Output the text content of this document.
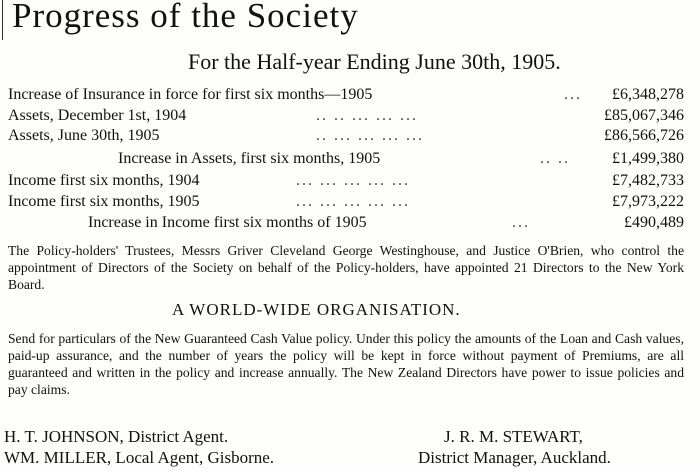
Progress of the Society
For the Half-year Ending June 30th, 1905.
Increase of Insurance in force for first six months—1905	... £6,348,278
Assets, December 1st, 1904	.. .. ... ... ...	£85,067,346
Assets, June 30th, 1905	.. ... ... ... ...	£86,566,726
Increase in Assets, first six months, 1905	.. ..	£1,499,380
Income first six months, 1904	... ... ... ... ...	£7,482,733
Income first six months, 1905	... ... ... ... ...	£7,973,222
Increase in Income first six months of 1905	...	£490,489
The Policy-holders' Trustees, Messrs Griver Cleveland George Westinghouse, and Justice O'Brien, who control the appointment of Directors of the Society on behalf of the Policy-holders, have appointed 21 Directors to the New York Board.
A WORLD-WIDE ORGANISATION.
Send for particulars of the New Guaranteed Cash Value policy. Under this policy the amounts of the Loan and Cash values, paid-up assurance, and the number of years the policy will be kept in force without payment of Premiums, are all guaranteed and written in the policy and increase annually. The New Zealand Directors have power to issue policies and pay claims.
H. T. JOHNSON, District Agent.
WM. MILLER, Local Agent, Gisborne.
J. R. M. STEWART,
District Manager, Auckland.
